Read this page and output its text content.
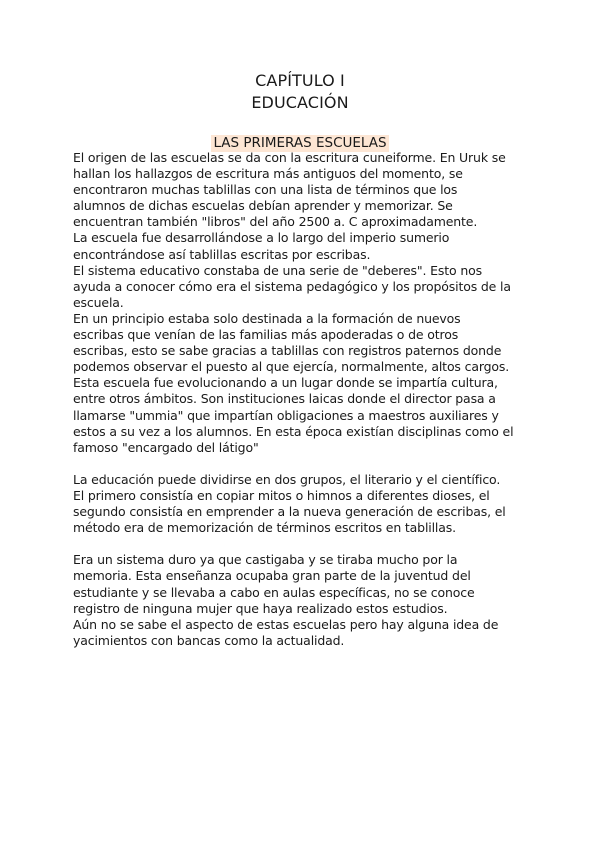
CAPÍTULO I
EDUCACIÓN
LAS PRIMERAS ESCUELAS
El origen de las escuelas se da con la escritura cuneiforme. En Uruk se
hallan los hallazgos de escritura más antiguos del momento, se
encontraron muchas tablillas con una lista de términos que los
alumnos de dichas escuelas debían aprender y memorizar. Se
encuentran también "libros" del año 2500 a. C aproximadamente.
La escuela fue desarrollándose a lo largo del imperio sumerio
encontrándose así tablillas escritas por escribas.
El sistema educativo constaba de una serie de "deberes". Esto nos
ayuda a conocer cómo era el sistema pedagógico y los propósitos de la
escuela.
En un principio estaba solo destinada a la formación de nuevos
escribas que venían de las familias más apoderadas o de otros
escribas, esto se sabe gracias a tablillas con registros paternos donde
podemos observar el puesto al que ejercía, normalmente, altos cargos.
Esta escuela fue evolucionando a un lugar donde se impartía cultura,
entre otros ámbitos. Son instituciones laicas donde el director pasa a
llamarse "ummia" que impartían obligaciones a maestros auxiliares y
estos a su vez a los alumnos. En esta época existían disciplinas como el
famoso "encargado del látigo"
La educación puede dividirse en dos grupos, el literario y el científico.
El primero consistía en copiar mitos o himnos a diferentes dioses, el
segundo consistía en emprender a la nueva generación de escribas, el
método era de memorización de términos escritos en tablillas.
Era un sistema duro ya que castigaba y se tiraba mucho por la
memoria. Esta enseñanza ocupaba gran parte de la juventud del
estudiante y se llevaba a cabo en aulas específicas, no se conoce
registro de ninguna mujer que haya realizado estos estudios.
Aún no se sabe el aspecto de estas escuelas pero hay alguna idea de
yacimientos con bancas como la actualidad.
